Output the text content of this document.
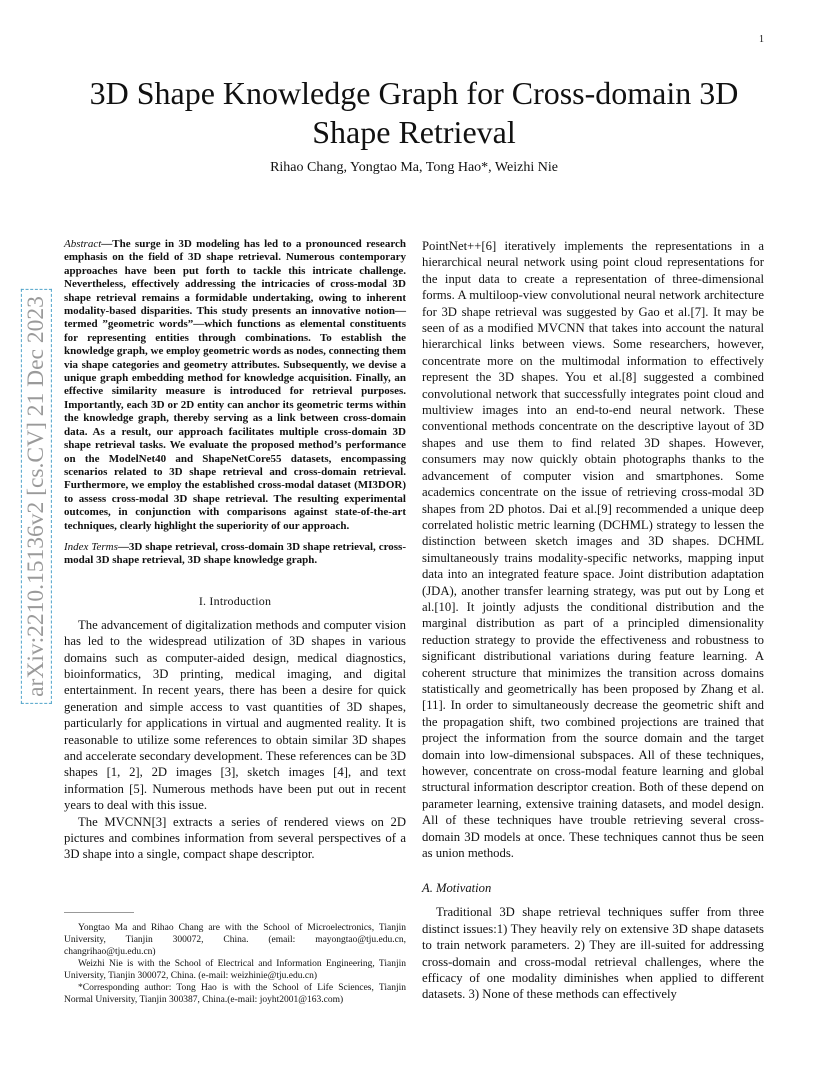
1
arXiv:2210.15136v2 [cs.CV] 21 Dec 2023
3D Shape Knowledge Graph for Cross-domain 3D Shape Retrieval
Rihao Chang, Yongtao Ma, Tong Hao*, Weizhi Nie

Abstract—The surge in 3D modeling has led to a pronounced research emphasis on the field of 3D shape retrieval. Numerous contemporary approaches have been put forth to tackle this intricate challenge. Nevertheless, effectively addressing the intricacies of cross-modal 3D shape retrieval remains a formidable undertaking, owing to inherent modality-based disparities. This study presents an innovative notion—termed ”geometric words”—which functions as elemental constituents for representing entities through combinations. To establish the knowledge graph, we employ geometric words as nodes, connecting them via shape categories and geometry attributes. Subsequently, we devise a unique graph embedding method for knowledge acquisition. Finally, an effective similarity measure is introduced for retrieval purposes. Importantly, each 3D or 2D entity can anchor its geometric terms within the knowledge graph, thereby serving as a link between cross-domain data. As a result, our approach facilitates multiple cross-domain 3D shape retrieval tasks. We evaluate the proposed method’s performance on the ModelNet40 and ShapeNetCore55 datasets, encompassing scenarios related to 3D shape retrieval and cross-domain retrieval. Furthermore, we employ the established cross-modal dataset (MI3DOR) to assess cross-modal 3D shape retrieval. The resulting experimental outcomes, in conjunction with comparisons against state-of-the-art techniques, clearly highlight the superiority of our approach.

Index Terms—3D shape retrieval, cross-domain 3D shape retrieval, cross-modal 3D shape retrieval, 3D shape knowledge graph.

I. Introduction

The advancement of digitalization methods and computer vision has led to the widespread utilization of 3D shapes in various domains such as computer-aided design, medical diagnostics, bioinformatics, 3D printing, medical imaging, and digital entertainment. In recent years, there has been a desire for quick generation and simple access to vast quantities of 3D shapes, particularly for applications in virtual and augmented reality. It is reasonable to utilize some references to obtain similar 3D shapes and accelerate secondary development. These references can be 3D shapes [1, 2], 2D images [3], sketch images [4], and text information [5]. Numerous methods have been put out in recent years to deal with this issue.

The MVCNN[3] extracts a series of rendered views on 2D pictures and combines information from several perspectives of a 3D shape into a single, compact shape descriptor.

PointNet++[6] iteratively implements the representations in a hierarchical neural network using point cloud representations for the input data to create a representation of three-dimensional forms. A multiloop-view convolutional neural network architecture for 3D shape retrieval was suggested by Gao et al.[7]. It may be seen of as a modified MVCNN that takes into account the natural hierarchical links between views. Some researchers, however, concentrate more on the multimodal information to effectively represent the 3D shapes. You et al.[8] suggested a combined convolutional network that successfully integrates point cloud and multiview images into an end-to-end neural network. These conventional methods concentrate on the descriptive layout of 3D shapes and use them to find related 3D shapes. However, consumers may now quickly obtain photographs thanks to the advancement of computer vision and smartphones. Some academics concentrate on the issue of retrieving cross-modal 3D shapes from 2D photos. Dai et al.[9] recommended a unique deep correlated holistic metric learning (DCHML) strategy to lessen the distinction between sketch images and 3D shapes. DCHML simultaneously trains modality-specific networks, mapping input data into an integrated feature space. Joint distribution adaptation (JDA), another transfer learning strategy, was put out by Long et al.[10]. It jointly adjusts the conditional distribution and the marginal distribution as part of a principled dimensionality reduction strategy to provide the effectiveness and robustness to significant distributional variations during feature learning. A coherent structure that minimizes the transition across domains statistically and geometrically has been proposed by Zhang et al.[11]. In order to simultaneously decrease the geometric shift and the propagation shift, two combined projections are trained that project the information from the source domain and the target domain into low-dimensional subspaces. All of these techniques, however, concentrate on cross-modal feature learning and global structural information descriptor creation. Both of these depend on parameter learning, extensive training datasets, and model design. All of these techniques have trouble retrieving several cross-domain 3D models at once. These techniques cannot thus be seen as union methods.

A. Motivation

Traditional 3D shape retrieval techniques suffer from three distinct issues:1) They heavily rely on extensive 3D shape datasets to train network parameters. 2) They are ill-suited for addressing cross-domain and cross-modal retrieval challenges, where the efficacy of one modality diminishes when applied to different datasets. 3) None of these methods can effectively

Yongtao Ma and Rihao Chang are with the School of Microelectronics, Tianjin University, Tianjin 300072, China. (email: mayongtao@tju.edu.cn, changrihao@tju.edu.cn)

Weizhi Nie is with the School of Electrical and Information Engineering, Tianjin University, Tianjin 300072, China. (e-mail: weizhinie@tju.edu.cn)

*Corresponding author: Tong Hao is with the School of Life Sciences, Tianjin Normal University, Tianjin 300387, China.(e-mail: joyht2001@163.com)
